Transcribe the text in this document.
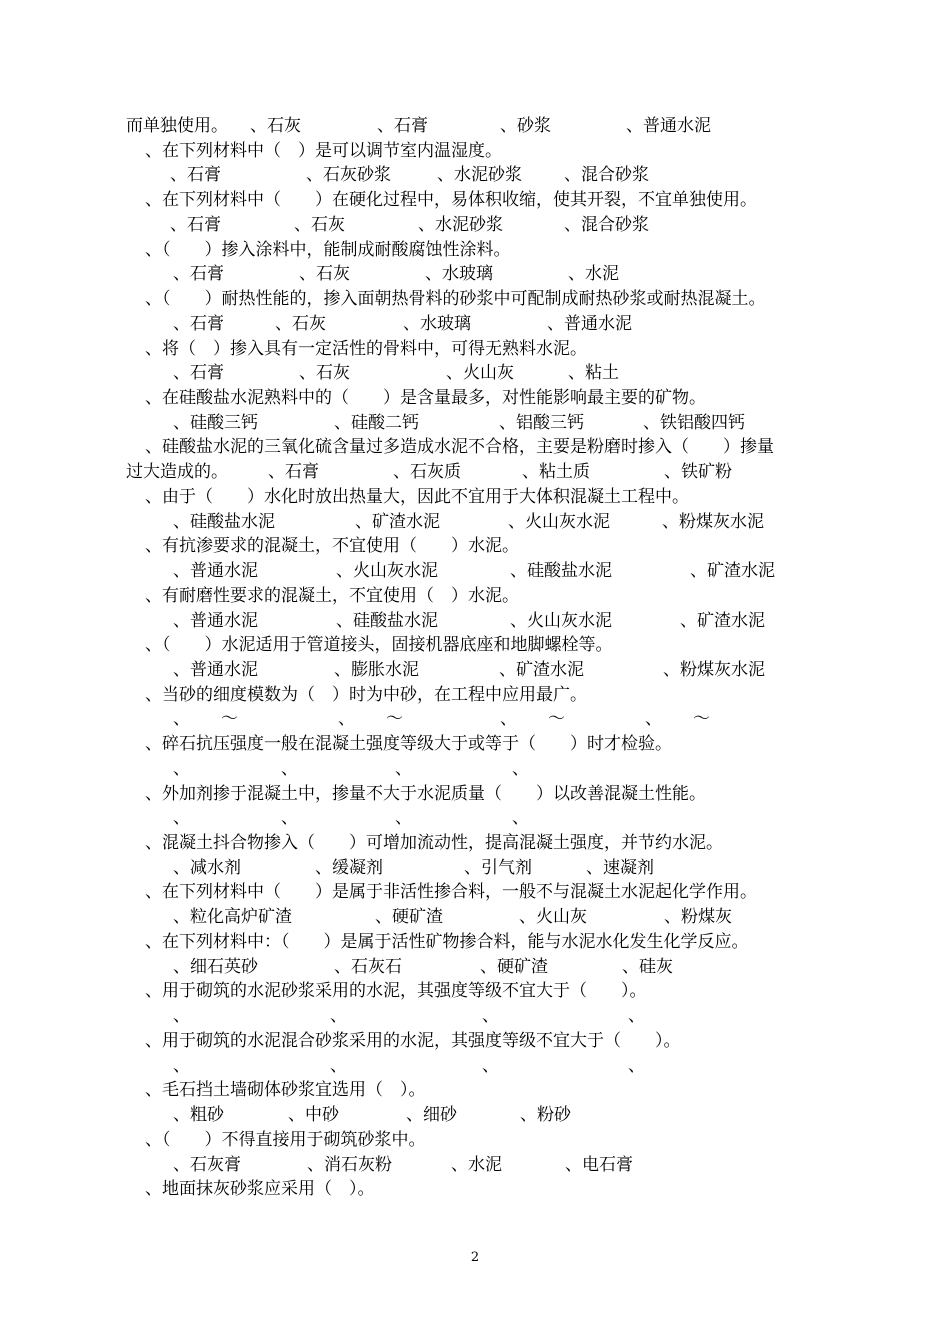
而单独使用。 、石灰	、石膏	、砂浆	、普通水泥
、在下列材料中（　）是可以调节室内温湿度。
、石膏	、石灰砂浆	、水泥砂浆 、混合砂浆
、在下列材料中（　　）在硬化过程中，易体积收缩，使其开裂，不宜单独使用。
、石膏	、石灰	、水泥砂浆	、混合砂浆
、（　　）掺入涂料中，能制成耐酸腐蚀性涂料。
、石膏	、石灰	、水玻璃	、水泥
、（　　）耐热性能的，掺入面朝热骨料的砂浆中可配制成耐热砂浆或耐热混凝土。
、石膏	、石灰	、水玻璃	、普通水泥
、将（　）掺入具有一定活性的骨料中，可得无熟料水泥。
、石膏	、石灰	、火山灰	、粘土
、在硅酸盐水泥熟料中的（　　）是含量最多，对性能影响最主要的矿物。
、硅酸三钙	、硅酸二钙	、铝酸三钙	、铁铝酸四钙
、硅酸盐水泥的三氧化硫含量过多造成水泥不合格，主要是粉磨时掺入（　　）掺量
过大造成的。 、石膏	、石灰质	、粘土质	、铁矿粉
、由于（　　）水化时放出热量大，因此不宜用于大体积混凝土工程中。
、硅酸盐水泥	、矿渣水泥	、火山灰水泥	、粉煤灰水泥
、有抗渗要求的混凝土，不宜使用（　　）水泥。
、普通水泥	、火山灰水泥	、硅酸盐水泥	、矿渣水泥
、有耐磨性要求的混凝土，不宜使用（　）水泥。
、普通水泥	、硅酸盐水泥	、火山灰水泥	、矿渣水泥
、（　　）水泥适用于管道接头，固接机器底座和地脚螺栓等。
、普通水泥	、膨胀水泥	、矿渣水泥	、粉煤灰水泥
、当砂的细度模数为（　）时为中砂，在工程中应用最广。
、 ～	、 ～	、 ～	、 ～
、碎石抗压强度一般在混凝土强度等级大于或等于（　　）时才检验。
、	、	、	、
、外加剂掺于混凝土中，掺量不大于水泥质量（　　）以改善混凝土性能。
、	、	、	、
、混凝土抖合物掺入（　　）可增加流动性，提高混凝土强度，并节约水泥。
、减水剂	、缓凝剂	、引气剂	、速凝剂
、在下列材料中（　　）是属于非活性掺合料，一般不与混凝土水泥起化学作用。
、粒化高炉矿渣	、硬矿渣	、火山灰	、粉煤灰
、在下列材料中：（　　）是属于活性矿物掺合料，能与水泥水化发生化学反应。
、细石英砂	、石灰石	、硬矿渣	、硅灰
、用于砌筑的水泥砂浆采用的水泥，其强度等级不宜大于（　　）。
、	、	、	、
、用于砌筑的水泥混合砂浆采用的水泥，其强度等级不宜大于（　　）。
、	、	、	、
、毛石挡土墙砌体砂浆宜选用（　）。
、粗砂	、中砂	、细砂	、粉砂
、（　　）不得直接用于砌筑砂浆中。
、石灰膏	、消石灰粉	、水泥	、电石膏
、地面抹灰砂浆应采用（　）。
2
